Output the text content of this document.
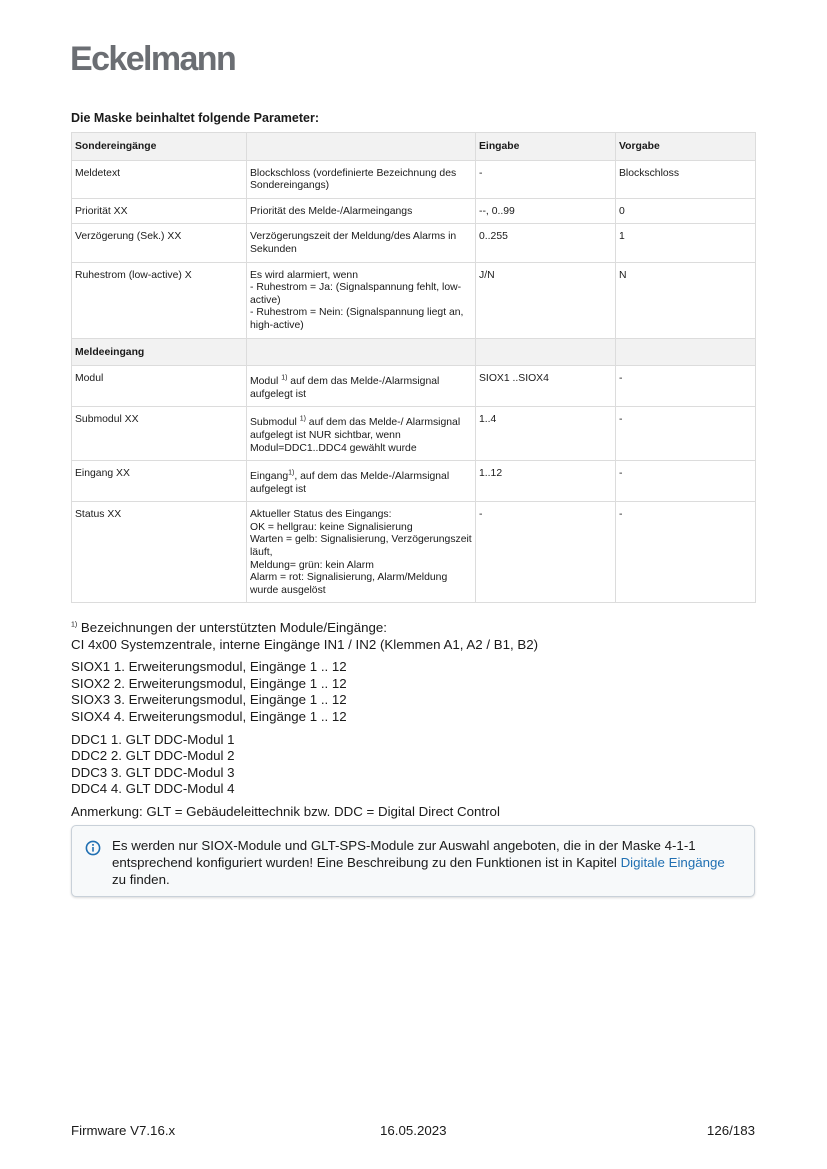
Eckelmann
Die Maske beinhaltet folgende Parameter:
Sondereingänge		Eingabe	Vorgabe
Meldetext	Blockschloss (vordefinierte Bezeichnung des Sondereingangs)	-	Blockschloss
Priorität XX	Priorität des Melde-/Alarmeingangs	--, 0..99	0
Verzögerung (Sek.) XX	Verzögerungszeit der Meldung/des Alarms in Sekunden	0..255	1
Ruhestrom (low-active) X	Es wird alarmiert, wenn
- Ruhestrom = Ja: (Signalspannung fehlt, low-active)
- Ruhestrom = Nein: (Signalspannung liegt an, high-active)	J/N	N
Meldeeingang			
Modul	Modul $^{1)}$ auf dem das Melde-/Alarmsignal aufgelegt ist	SIOX1 ..SIOX4	-
Submodul XX	Submodul $^{1)}$ auf dem das Melde-/ Alarmsignal aufgelegt ist NUR sichtbar, wenn Modul=DDC1..DDC4 gewählt wurde	1..4	-
Eingang XX	Eingang$^{1)}$, auf dem das Melde-/Alarmsignal aufgelegt ist	1..12	-
Status XX	Aktueller Status des Eingangs:
OK = hellgrau: keine Signalisierung
Warten = gelb: Signalisierung, Verzögerungszeit läuft,
Meldung= grün: kein Alarm
Alarm = rot: Signalisierung, Alarm/Meldung wurde ausgelöst	-	-

$^{1)}$ Bezeichnungen der unterstützten Module/Eingänge:

CI 4x00 Systemzentrale, interne Eingänge IN1 / IN2 (Klemmen A1, A2 / B1, B2)

SIOX1 1. Erweiterungsmodul, Eingänge 1 .. 12

SIOX2 2. Erweiterungsmodul, Eingänge 1 .. 12

SIOX3 3. Erweiterungsmodul, Eingänge 1 .. 12

SIOX4 4. Erweiterungsmodul, Eingänge 1 .. 12

DDC1 1. GLT DDC-Modul 1

DDC2 2. GLT DDC-Modul 2

DDC3 3. GLT DDC-Modul 3

DDC4 4. GLT DDC-Modul 4

Anmerkung: GLT = Gebäudeleittechnik bzw. DDC = Digital Direct Control

Es werden nur SIOX-Module und GLT-SPS-Module zur Auswahl angeboten, die in der Maske 4-1-1 entsprechend konfiguriert wurden! Eine Beschreibung zu den Funktionen ist in Kapitel Digitale Eingänge zu finden.
Firmware V7.16.x	16.05.2023	126/183
